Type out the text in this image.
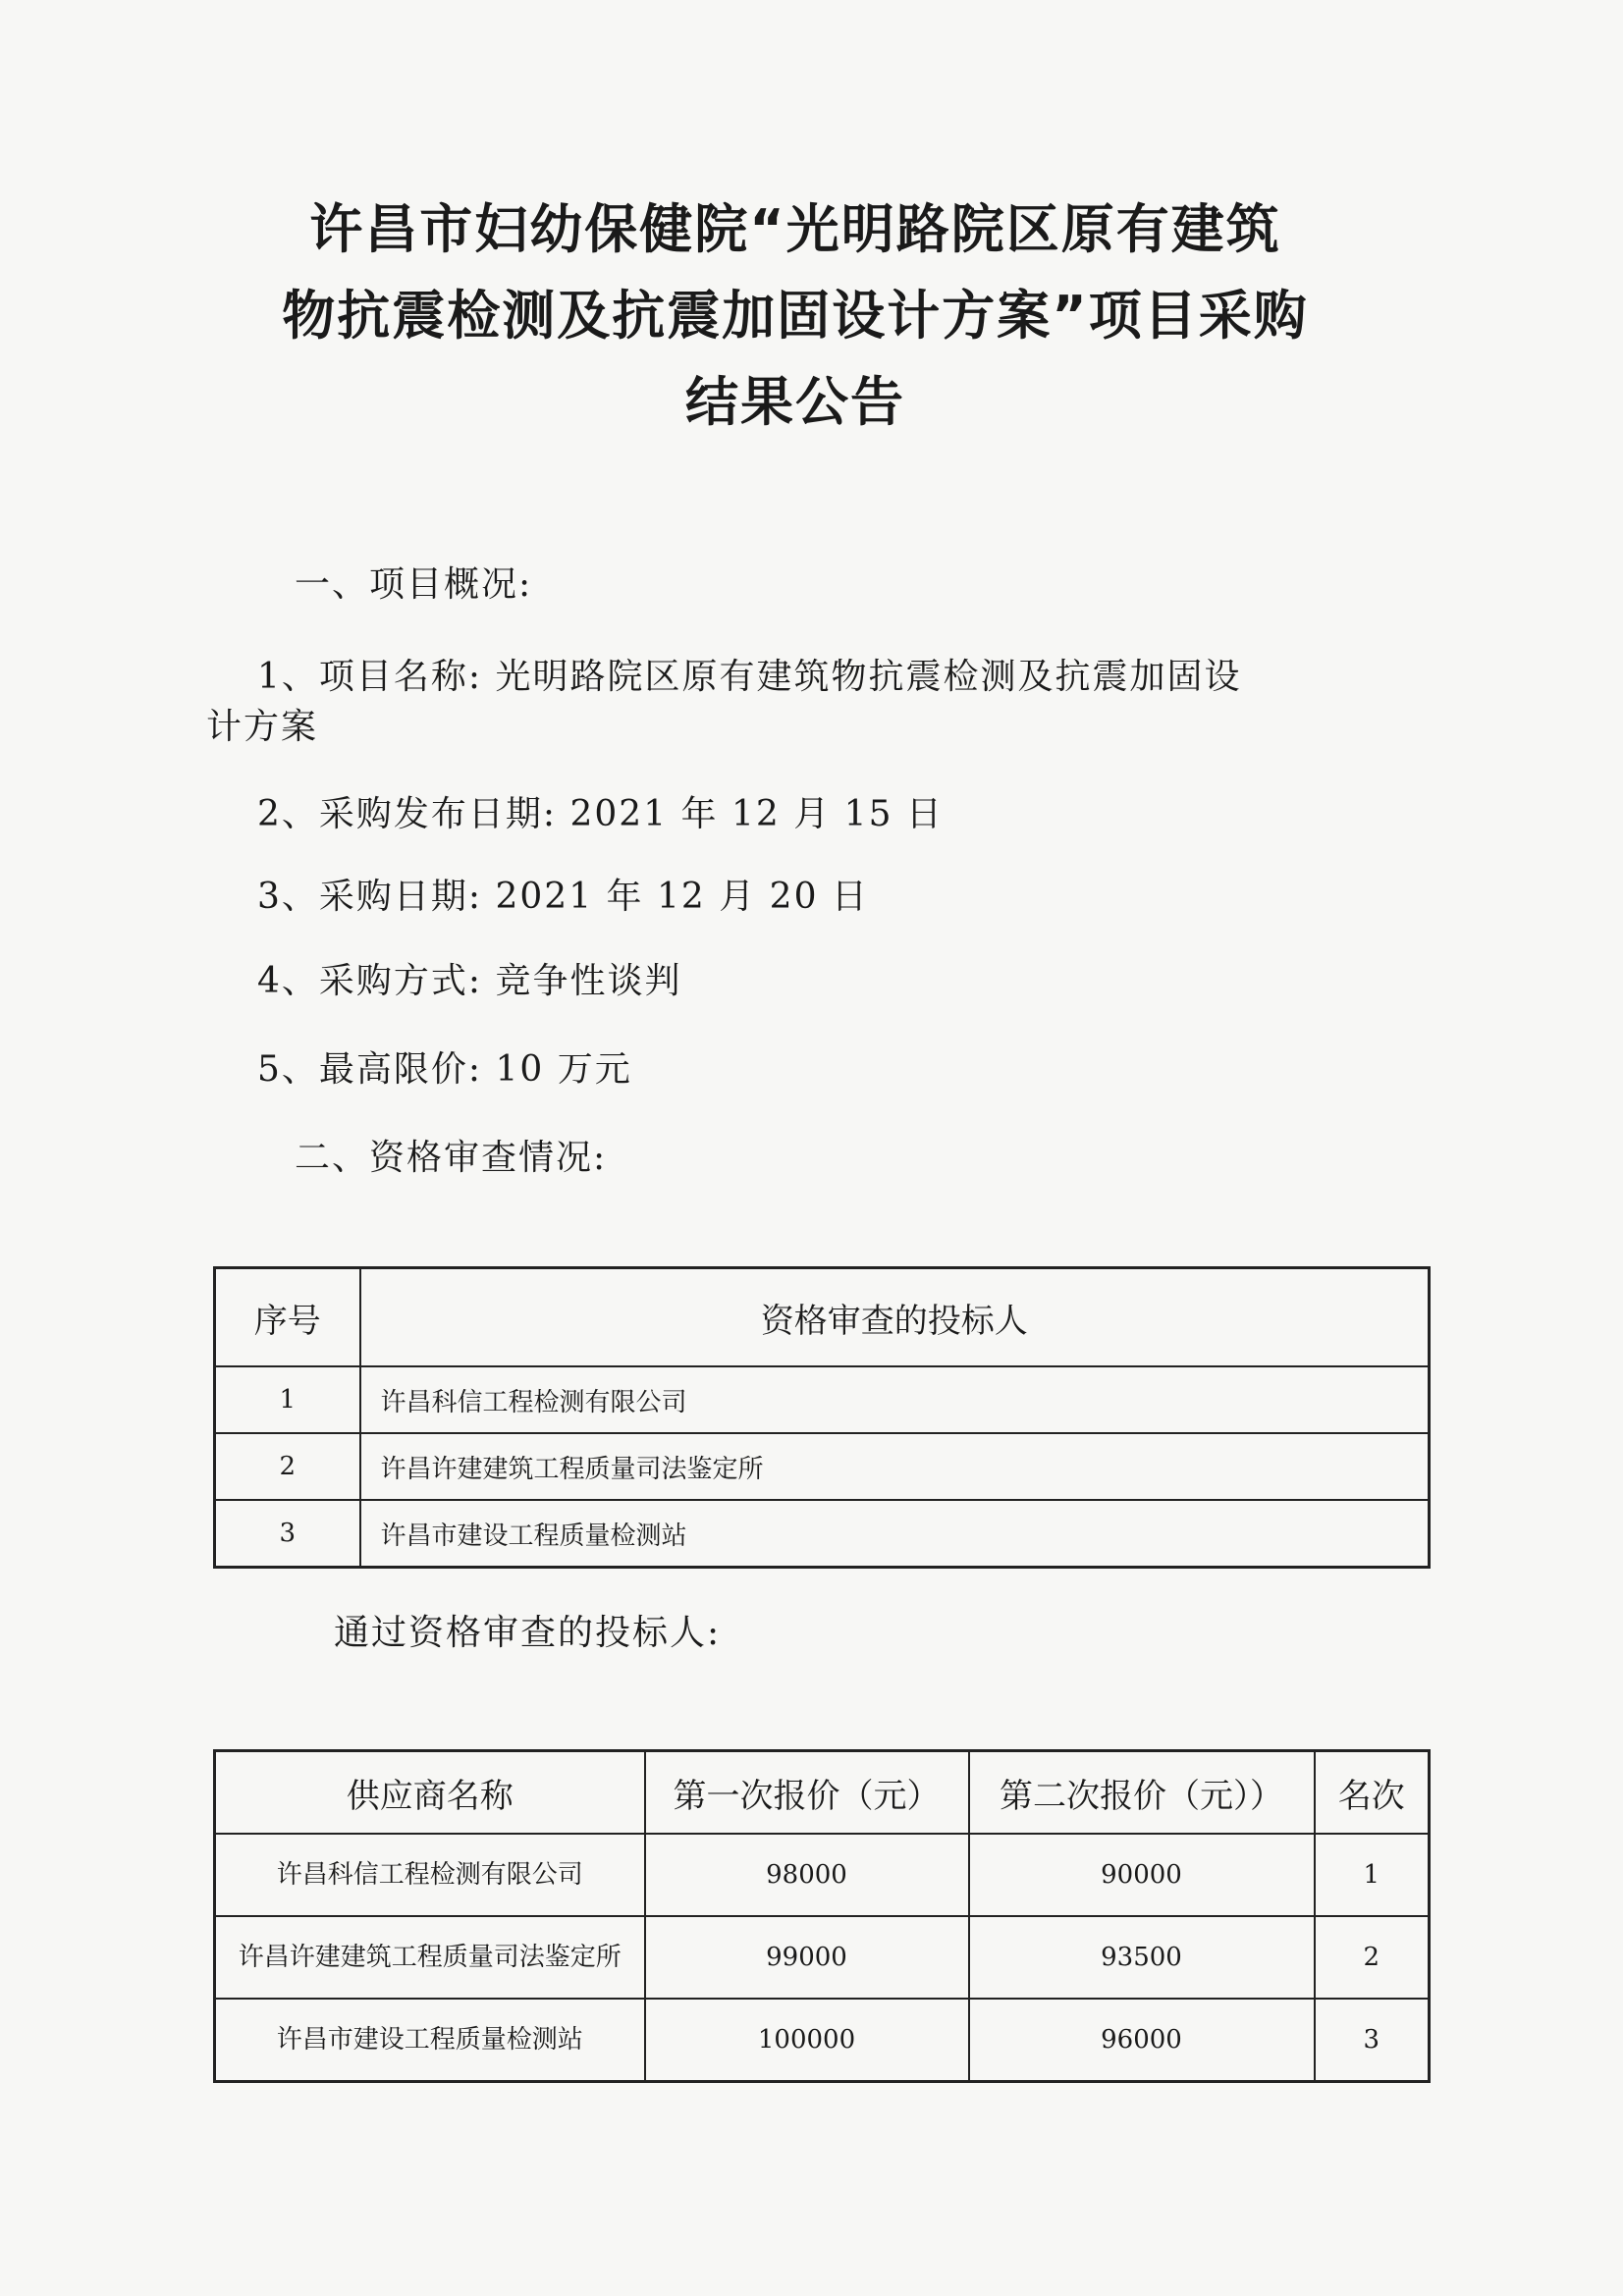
许昌市妇幼保健院“光明路院区原有建筑
物抗震检测及抗震加固设计方案”项目采购
结果公告
一、项目概况:
1、项目名称: 光明路院区原有建筑物抗震检测及抗震加固设
计方案
2、采购发布日期: 2021 年 12 月 15 日
3、采购日期: 2021 年 12 月 20 日
4、采购方式: 竞争性谈判
5、最高限价: 10 万元
二、资格审查情况:
序号	资格审查的投标人
1	许昌科信工程检测有限公司
2	许昌许建建筑工程质量司法鉴定所
3	许昌市建设工程质量检测站
通过资格审查的投标人:
供应商名称	第一次报价（元）	第二次报价（元））	名次
许昌科信工程检测有限公司	98000	90000	1
许昌许建建筑工程质量司法鉴定所	99000	93500	2
许昌市建设工程质量检测站	100000	96000	3
